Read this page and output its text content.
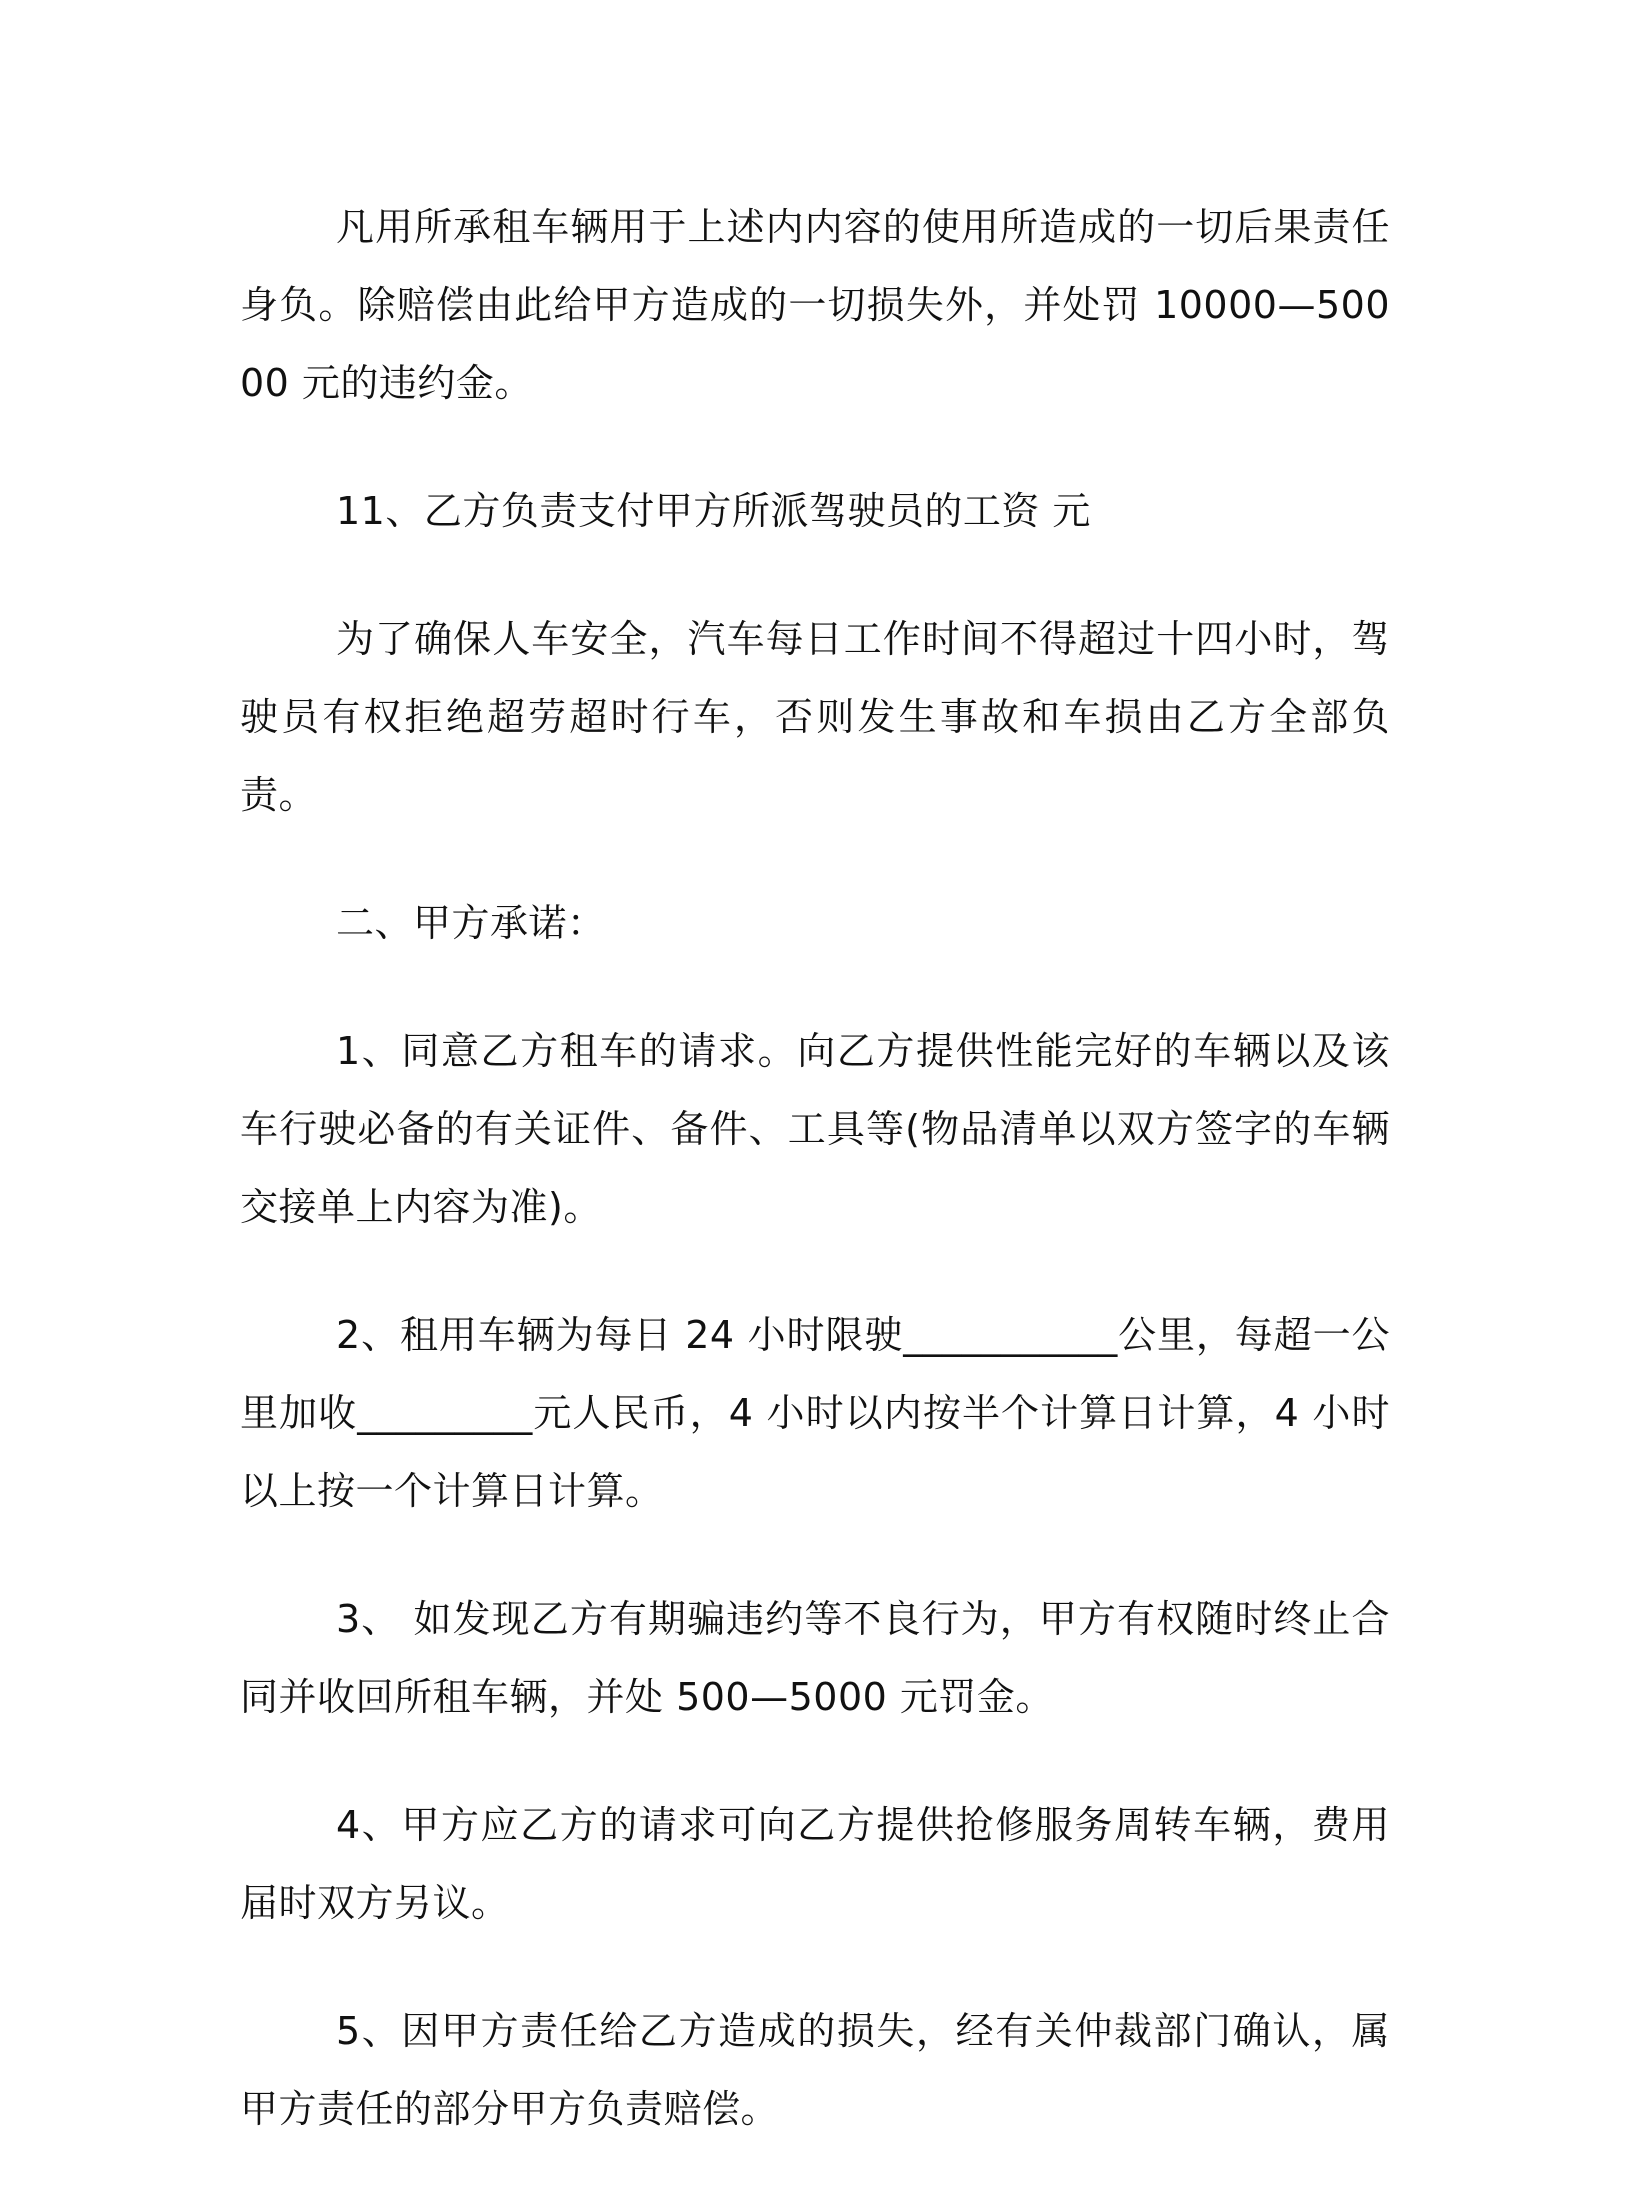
凡用所承租车辆用于上述内内容的使用所造成的一切后果责任身负。除赔偿由此给甲方造成的一切损失外，并处罚 10000—50000 元的违约金。

11、乙方负责支付甲方所派驾驶员的工资 元

为了确保人车安全，汽车每日工作时间不得超过十四小时，驾驶员有权拒绝超劳超时行车，否则发生事故和车损由乙方全部负责。

二、甲方承诺：

1、同意乙方租车的请求。向乙方提供性能完好的车辆以及该车行驶必备的有关证件、备件、工具等(物品清单以双方签字的车辆交接单上内容为准)。

2、租用车辆为每日 24 小时限驶___________公里，每超一公里加收_________元人民币，4 小时以内按半个计算日计算，4 小时以上按一个计算日计算。

3、 如发现乙方有期骗违约等不良行为，甲方有权随时终止合同并收回所租车辆，并处 500—5000 元罚金。

4、甲方应乙方的请求可向乙方提供抢修服务周转车辆，费用届时双方另议。

5、因甲方责任给乙方造成的损失，经有关仲裁部门确认，属甲方责任的部分甲方负责赔偿。
